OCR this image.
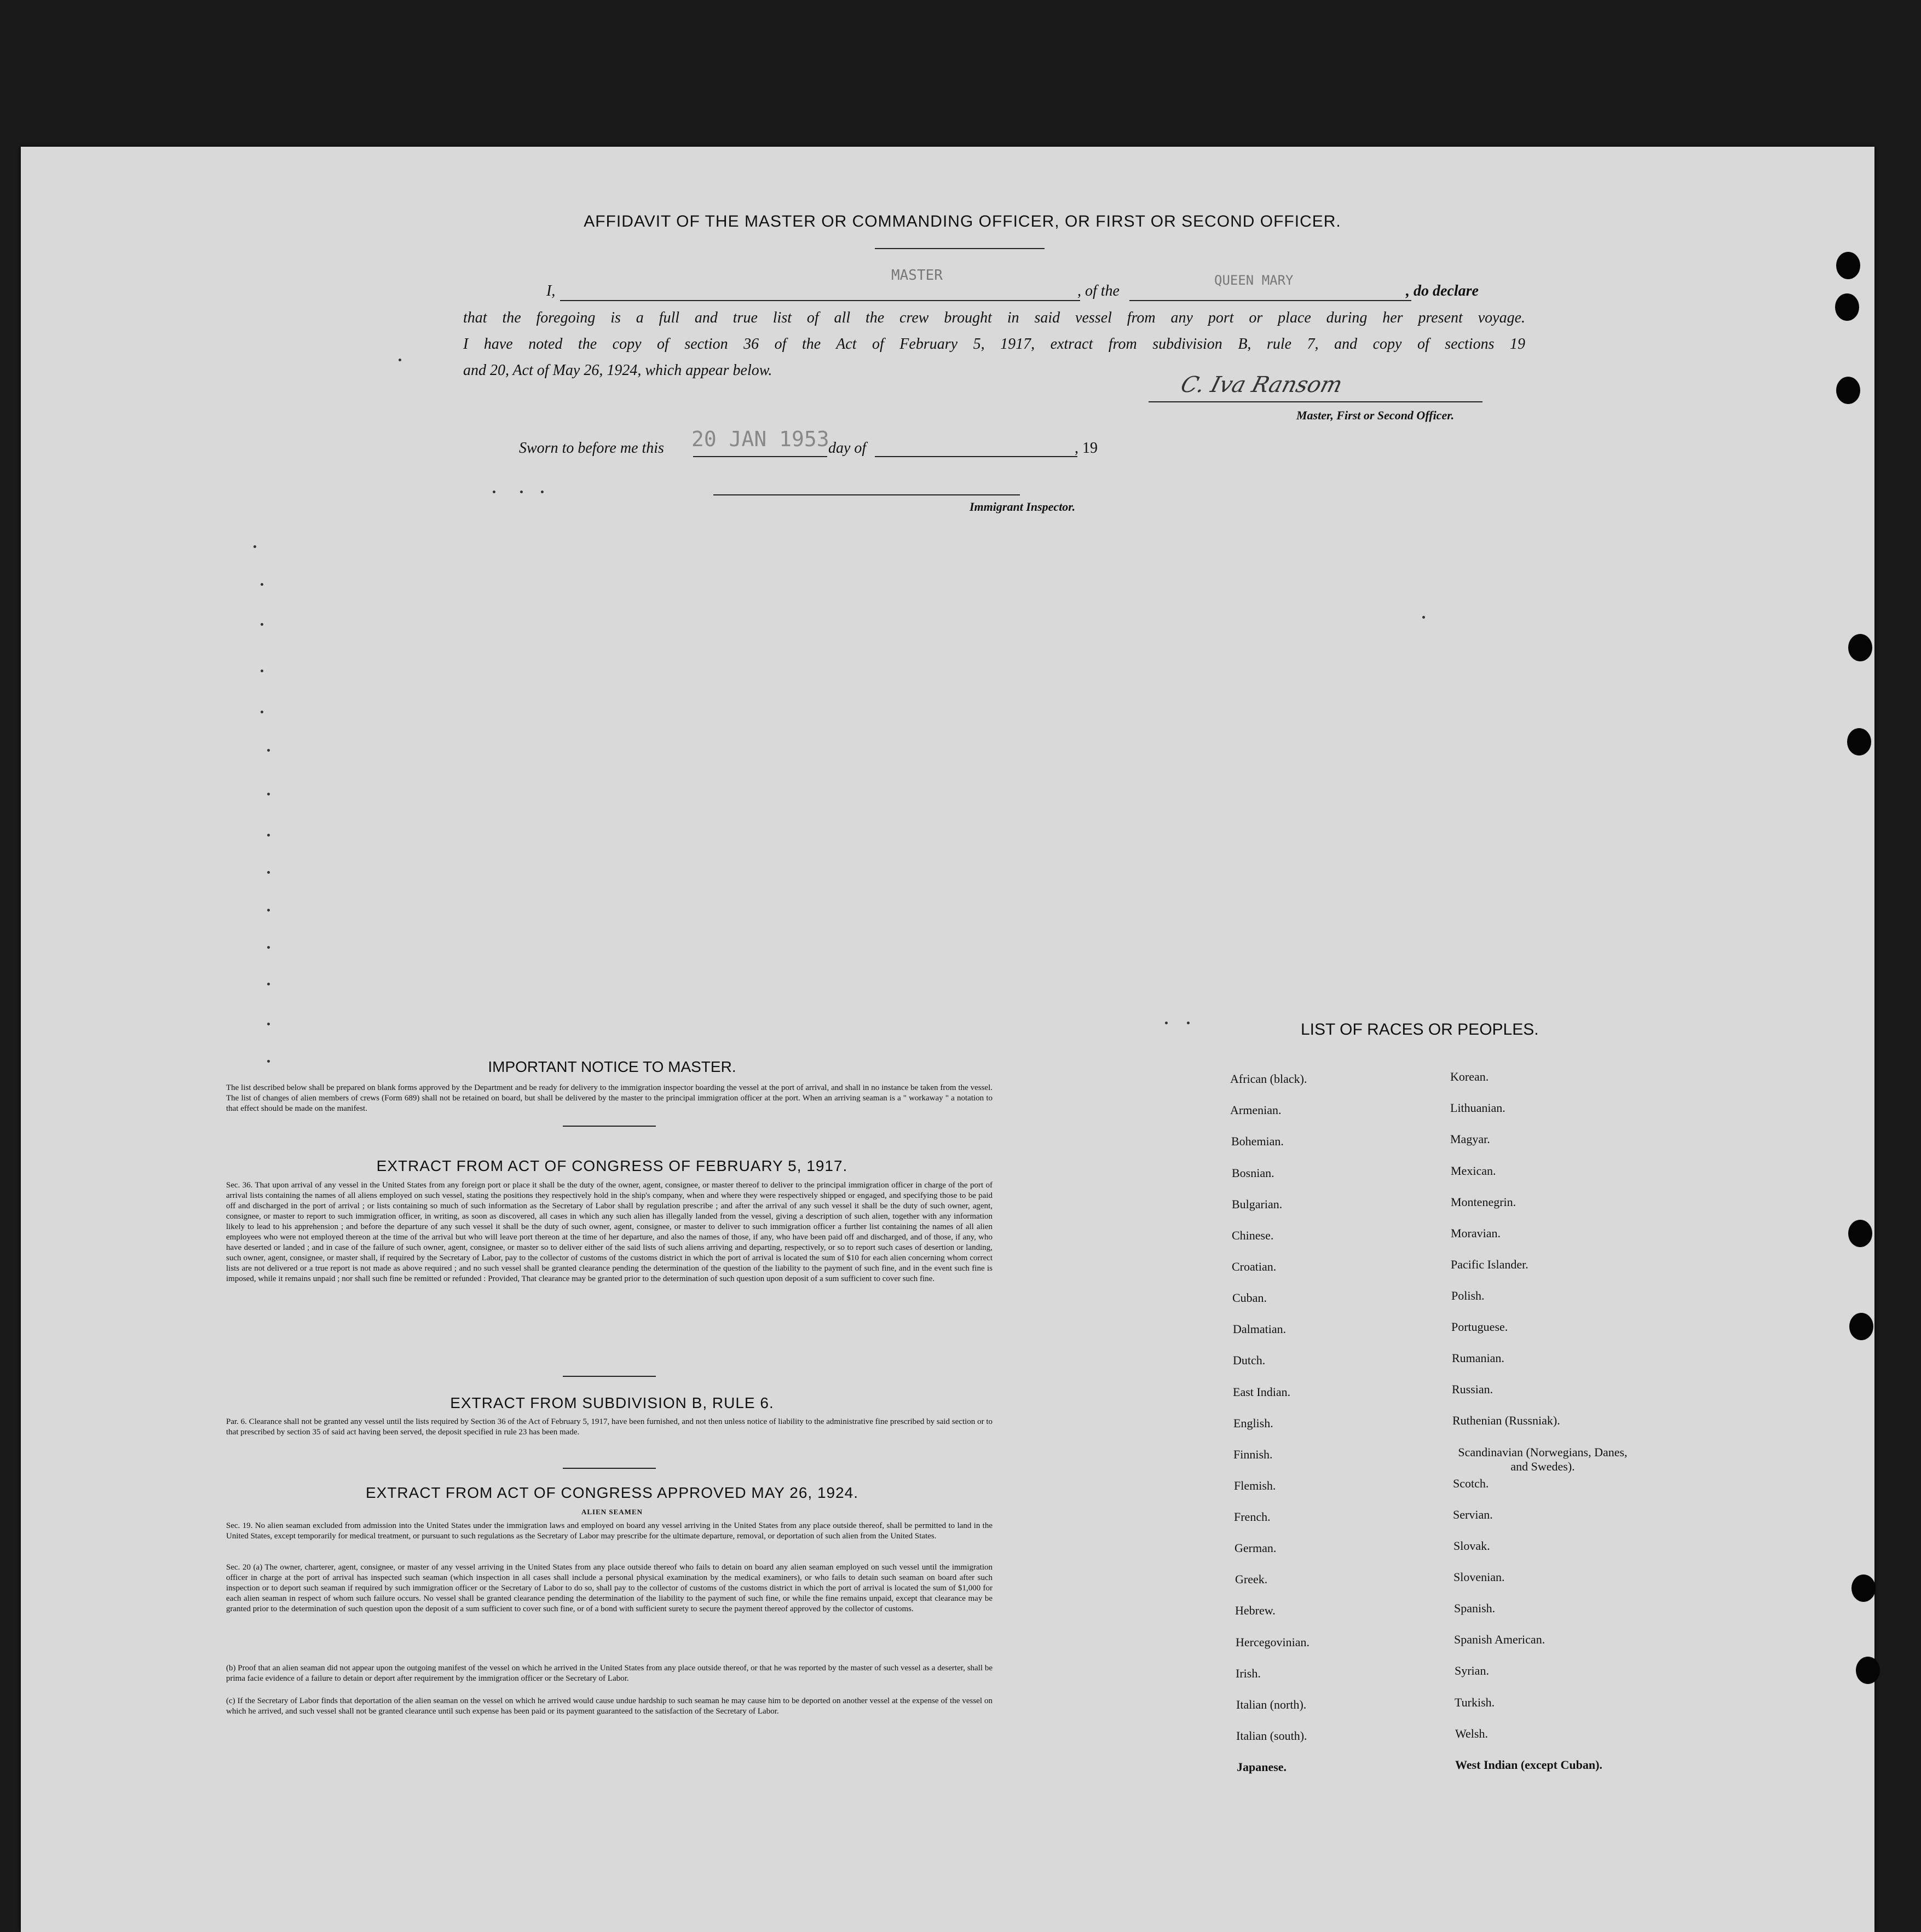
AFFIDAVIT OF THE MASTER OR COMMANDING OFFICER, OR FIRST OR SECOND OFFICER.
I,
MASTER
, of the
QUEEN MARY
, do declare
that the foregoing is a full and true list of all the crew brought in said vessel from any port or place during her present voyage.
I have noted the copy of section 36 of the Act of February 5, 1917, extract from subdivision B, rule 7, and copy of sections 19
and 20, Act of May 26, 1924, which appear below.
C. Iva Ransom
Master, First or Second Officer.
Sworn to before me this 20 JAN 1953
day of	, 19
Immigrant Inspector.
IMPORTANT NOTICE TO MASTER.
The list described below shall be prepared on blank forms approved by the Department and be ready for delivery to the immigration inspector boarding the vessel at the port of arrival, and shall in no instance be taken from the vessel. The list of changes of alien members of crews (Form 689) shall not be retained on board, but shall be delivered by the master to the principal immigration officer at the port. When an arriving seaman is a " workaway " a notation to that effect should be made on the manifest.
EXTRACT FROM ACT OF CONGRESS OF FEBRUARY 5, 1917.
Sec. 36. That upon arrival of any vessel in the United States from any foreign port or place it shall be the duty of the owner, agent, consignee, or master thereof to deliver to the principal immigration officer in charge of the port of arrival lists containing the names of all aliens employed on such vessel, stating the positions they respectively hold in the ship's company, when and where they were respectively shipped or engaged, and specifying those to be paid off and discharged in the port of arrival ; or lists containing so much of such information as the Secretary of Labor shall by regulation prescribe ; and after the arrival of any such vessel it shall be the duty of such owner, agent, consignee, or master to report to such immigration officer, in writing, as soon as discovered, all cases in which any such alien has illegally landed from the vessel, giving a description of such alien, together with any information likely to lead to his apprehension ; and before the departure of any such vessel it shall be the duty of such owner, agent, consignee, or master to deliver to such immigration officer a further list containing the names of all alien employees who were not employed thereon at the time of the arrival but who will leave port thereon at the time of her departure, and also the names of those, if any, who have been paid off and discharged, and of those, if any, who have deserted or landed ; and in case of the failure of such owner, agent, consignee, or master so to deliver either of the said lists of such aliens arriving and departing, respectively, or so to report such cases of desertion or landing, such owner, agent, consignee, or master shall, if required by the Secretary of Labor, pay to the collector of customs of the customs district in which the port of arrival is located the sum of $10 for each alien concerning whom correct lists are not delivered or a true report is not made as above required ; and no such vessel shall be granted clearance pending the determination of the question of the liability to the payment of such fine, and in the event such fine is imposed, while it remains unpaid ; nor shall such fine be remitted or refunded : Provided, That clearance may be granted prior to the determination of such question upon deposit of a sum sufficient to cover such fine.
EXTRACT FROM SUBDIVISION B, RULE 6.
Par. 6. Clearance shall not be granted any vessel until the lists required by Section 36 of the Act of February 5, 1917, have been furnished, and not then unless notice of liability to the administrative fine prescribed by said section or to that prescribed by section 35 of said act having been served, the deposit specified in rule 23 has been made.
EXTRACT FROM ACT OF CONGRESS APPROVED MAY 26, 1924.
ALIEN SEAMEN
Sec. 19. No alien seaman excluded from admission into the United States under the immigration laws and employed on board any vessel arriving in the United States from any place outside thereof, shall be permitted to land in the United States, except temporarily for medical treatment, or pursuant to such regulations as the Secretary of Labor may prescribe for the ultimate departure, removal, or deportation of such alien from the United States.
Sec. 20 (a) The owner, charterer, agent, consignee, or master of any vessel arriving in the United States from any place outside thereof who fails to detain on board any alien seaman employed on such vessel until the immigration officer in charge at the port of arrival has inspected such seaman (which inspection in all cases shall include a personal physical examination by the medical examiners), or who fails to detain such seaman on board after such inspection or to deport such seaman if required by such immigration officer or the Secretary of Labor to do so, shall pay to the collector of customs of the customs district in which the port of arrival is located the sum of $1,000 for each alien seaman in respect of whom such failure occurs. No vessel shall be granted clearance pending the determination of the liability to the payment of such fine, or while the fine remains unpaid, except that clearance may be granted prior to the determination of such question upon the deposit of a sum sufficient to cover such fine, or of a bond with sufficient surety to secure the payment thereof approved by the collector of customs.
(b) Proof that an alien seaman did not appear upon the outgoing manifest of the vessel on which he arrived in the United States from any place outside thereof, or that he was reported by the master of such vessel as a deserter, shall be prima facie evidence of a failure to detain or deport after requirement by the immigration officer or the Secretary of Labor.
(c) If the Secretary of Labor finds that deportation of the alien seaman on the vessel on which he arrived would cause undue hardship to such seaman he may cause him to be deported on another vessel at the expense of the vessel on which he arrived, and such vessel shall not be granted clearance until such expense has been paid or its payment guaranteed to the satisfaction of the Secretary of Labor.
LIST OF RACES OR PEOPLES.
African (black).
Armenian.
Bohemian.
Bosnian.
Bulgarian.
Chinese.
Croatian.
Cuban.
Dalmatian.
Dutch.
East Indian.
English.
Finnish.
Flemish.
French.
German.
Greek.
Hebrew.
Hercegovinian.
Irish.
Italian (north).
Italian (south).
Japanese.
Korean.
Lithuanian.
Magyar.
Mexican.
Montenegrin.
Moravian.
Pacific Islander.
Polish.
Portuguese.
Rumanian.
Russian.
Ruthenian (Russniak).
Scandinavian (Norwegians, Danes, and Swedes).
Scotch.
Servian.
Slovak.
Slovenian.
Spanish.
Spanish American.
Syrian.
Turkish.
Welsh.
West Indian (except Cuban).
